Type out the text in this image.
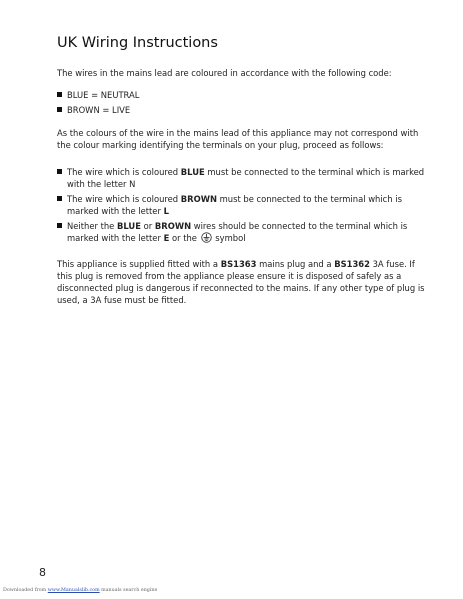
UK Wiring Instructions

The wires in the mains lead are coloured in accordance with the following code:

BLUE = NEUTRAL
BROWN = LIVE

As the colours of the wire in the mains lead of this appliance may not correspond with the colour marking identifying the terminals on your plug, proceed as follows:

The wire which is coloured BLUE must be connected to the terminal which is marked with the letter N
The wire which is coloured BROWN must be connected to the terminal which is marked with the letter L
Neither the BLUE or BROWN wires should be connected to the terminal which is marked with the letter E or the  symbol

This appliance is supplied fitted with a BS1363 mains plug and a BS1362 3A fuse. If this plug is removed from the appliance please ensure it is disposed of safely as a disconnected plug is dangerous if reconnected to the mains. If any other type of plug is used, a 3A fuse must be fitted.

8

Downloaded from www.Manualslib.com manuals search engine
